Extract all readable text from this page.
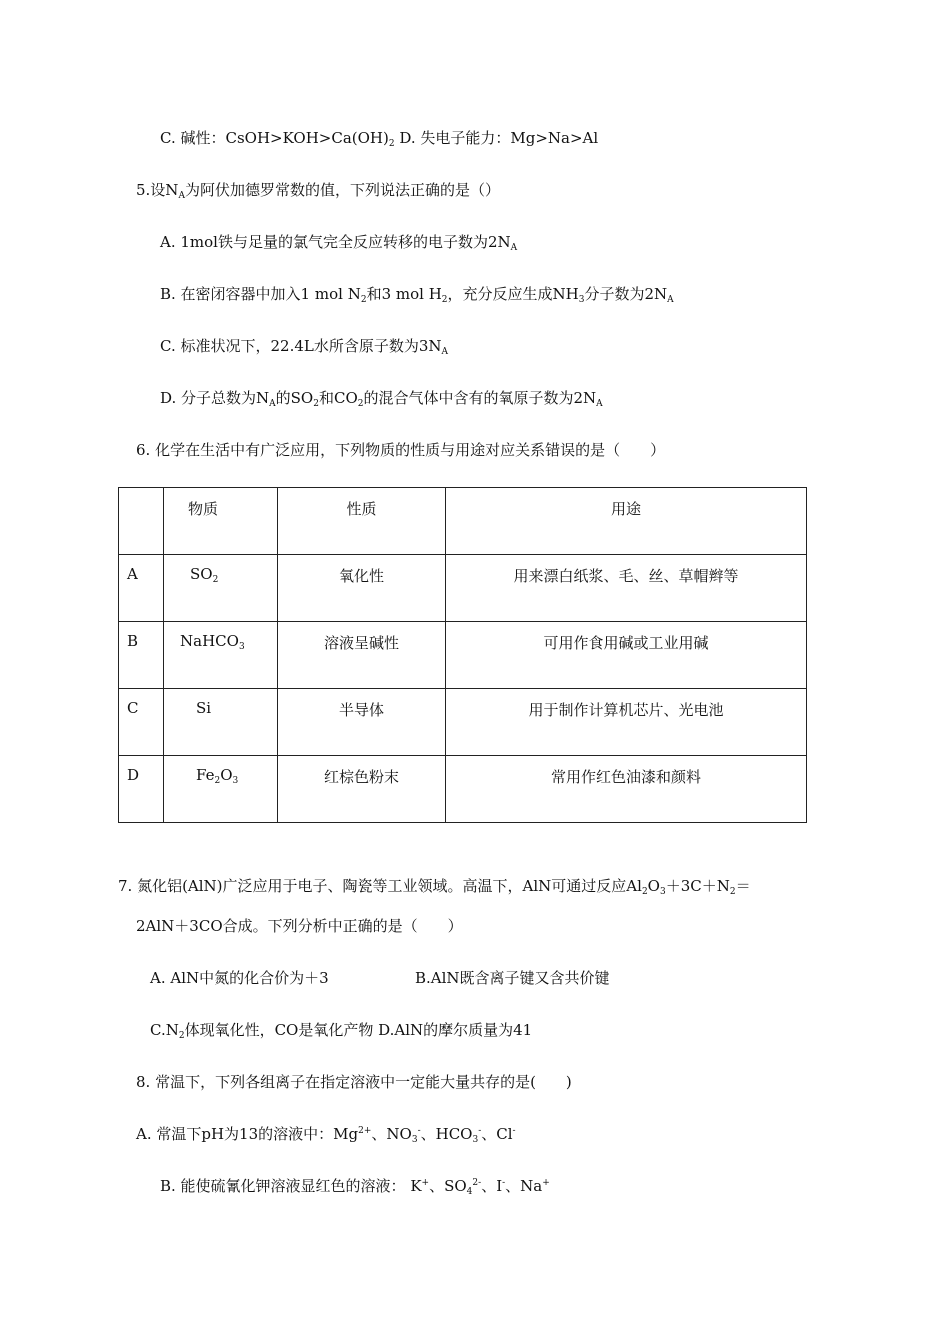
C. 碱性：$CsOH>KOH>Ca(OH)_2$ D. 失电子能力：Mg>Na>Al
5.设$N_A$为阿伏加德罗常数的值，下列说法正确的是（）
A. 1mol铁与足量的氯气完全反应转移的电子数为$2N_A$
B. 在密闭容器中加入1 mol $N_2$和3 mol $H_2$，充分反应生成$NH_3$分子数为$2N_A$
C. 标准状况下，22.4L水所含原子数为$3N_A$
D. 分子总数为$N_A$的$SO_2$和$CO_2$的混合气体中含有的氧原子数为$2N_A$
6. 化学在生活中有广泛应用，下列物质的性质与用途对应关系错误的是（　　）

	物质	性质	用途

A	$SO_2$	氧化性	用来漂白纸浆、毛、丝、草帽辫等

B	NaHCO$_3$	溶液呈碱性	可用作食用碱或工业用碱

C	Si	半导体	用于制作计算机芯片、光电池

D	$Fe_2O_3$	红棕色粉末	常用作红色油漆和颜料
7. 氮化铝(AlN)广泛应用于电子、陶瓷等工业领域。高温下，AlN可通过反应$Al_2O_3+3C+N_2=$
2AlN＋3CO合成。下列分析中正确的是（　　）
A. AlN中氮的化合价为＋3	B.AlN既含离子键又含共价键
$C.N_2$体现氧化性，CO是氧化产物 D.AlN的摩尔质量为41
8. 常温下，下列各组离子在指定溶液中一定能大量共存的是(　　)
A. 常温下pH为13的溶液中：$Mg^{2+}$、$NO_3^-$、$HCO_3^-$、Cl-
B. 能使硫氰化钾溶液显红色的溶液： K+、$SO_4^{2-}$、I-、Na+
